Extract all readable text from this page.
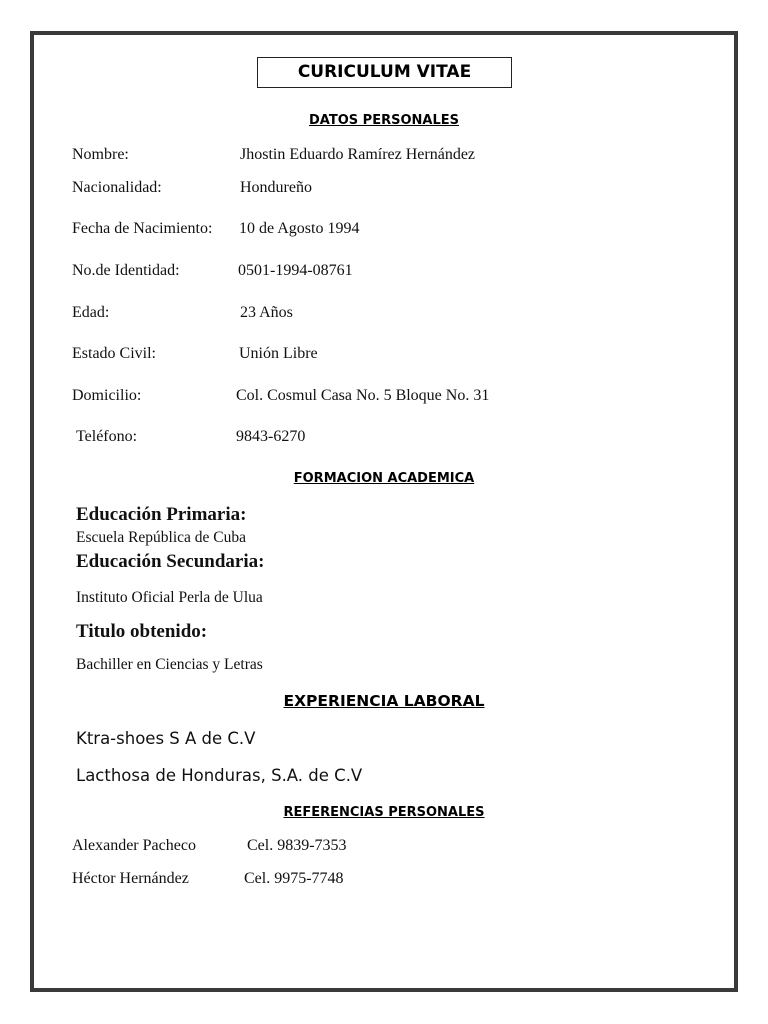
CURICULUM VITAE
DATOS PERSONALES
Nombre:	Jhostin Eduardo Ramírez Hernández
Nacionalidad:	Hondureño
Fecha de Nacimiento: 10 de Agosto 1994
No.de Identidad:	0501-1994-08761
Edad:	23 Años
Estado Civil:	Unión Libre
Domicilio:	Col. Cosmul Casa No. 5 Bloque No. 31
Teléfono:	9843-6270
FORMACION ACADEMICA
Educación Primaria:
Escuela República de Cuba
Educación Secundaria:
Instituto Oficial Perla de Ulua
Titulo obtenido:
Bachiller en Ciencias y Letras
EXPERIENCIA LABORAL
Ktra-shoes S A de C.V
Lacthosa de Honduras, S.A. de C.V
REFERENCIAS PERSONALES
Alexander Pacheco	Cel. 9839-7353
Héctor Hernández	Cel. 9975-7748
